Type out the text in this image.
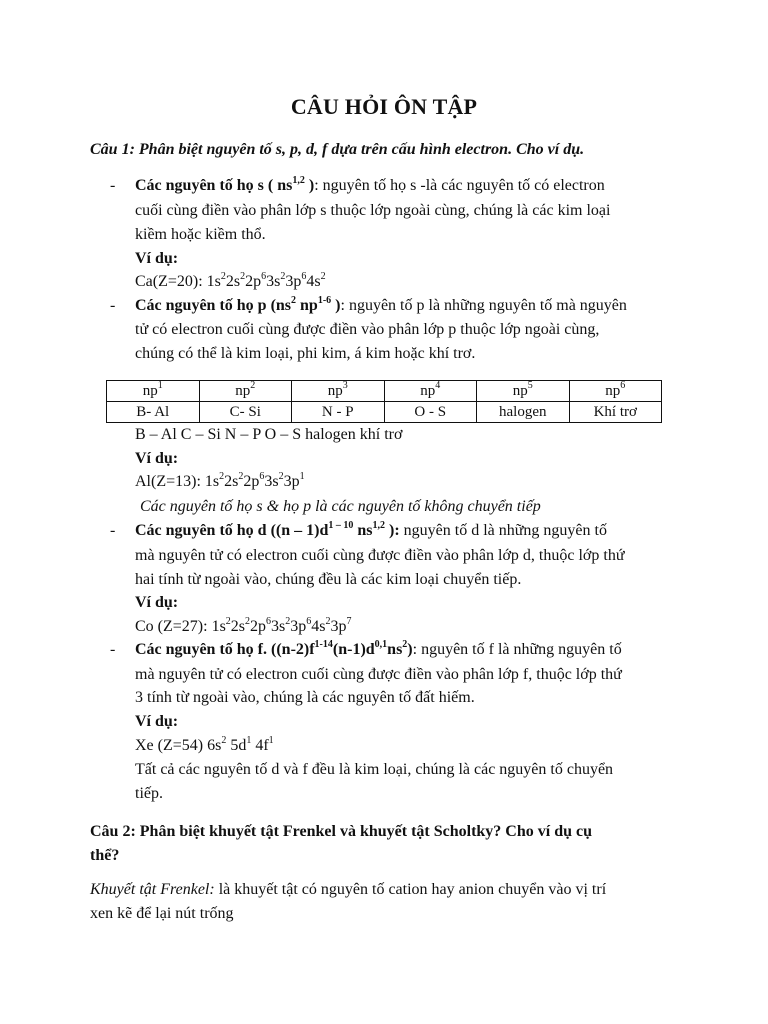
CÂU HỎI ÔN TẬP
Câu 1: Phân biệt nguyên tố s, p, d, f dựa trên cấu hình electron. Cho ví dụ.
- Các nguyên tố họ s ( ns$^{1,2}$ ): nguyên tố họ s -là các nguyên tố có electron
cuối cùng điền vào phân lớp s thuộc lớp ngoài cùng, chúng là các kim loại
kiềm hoặc kiềm thổ.
Ví dụ:
Ca(Z=20): $1s^22s^22p^63s^23p^64s^2$
- Các nguyên tố họ p ($ns^2$ $np^{1-6}$ ): nguyên tố p là những nguyên tố mà nguyên
tử có electron cuối cùng được điền vào phân lớp p thuộc lớp ngoài cùng,
chúng có thể là kim loại, phi kim, á kim hoặc khí trơ.
$np^1$	$np^2$	$np^3$	$np^4$	$np^5$	$np^6$
B- Al	C- Si	N - P	O - S	halogen	Khí trơ
B – Al C – Si N – P O – S halogen khí trơ
Ví dụ:
Al(Z=13): $1s^22s^22p^63s^23p^1$
Các nguyên tố họ s & họ p là các nguyên tố không chuyển tiếp
- Các nguyên tố họ d ($(n - 1)d^{1 - 10}$ ns$^{1,2}$ ): nguyên tố d là những nguyên tố
mà nguyên tử có electron cuối cùng được điền vào phân lớp d, thuộc lớp thứ
hai tính từ ngoài vào, chúng đều là các kim loại chuyển tiếp.
Ví dụ:
Co (Z=27): $1s^22s^22p^63s^23p^64s^23p^7$
- Các nguyên tố họ f. $((n-2)f^{1-14}(n-1)d^{0,1}ns^2)$: nguyên tố f là những nguyên tố
mà nguyên tử có electron cuối cùng được điền vào phân lớp f, thuộc lớp thứ
3 tính từ ngoài vào, chúng là các nguyên tố đất hiếm.
Ví dụ:
Xe (Z=54) $6s^2$ $5d^1$ $4f^1$
Tất cả các nguyên tố d và f đều là kim loại, chúng là các nguyên tố chuyển
tiếp.
Câu 2: Phân biệt khuyết tật Frenkel và khuyết tật Scholtky? Cho ví dụ cụ
thể?
Khuyết tật Frenkel: là khuyết tật có nguyên tố cation hay anion chuyển vào vị trí
xen kẽ để lại nút trống
